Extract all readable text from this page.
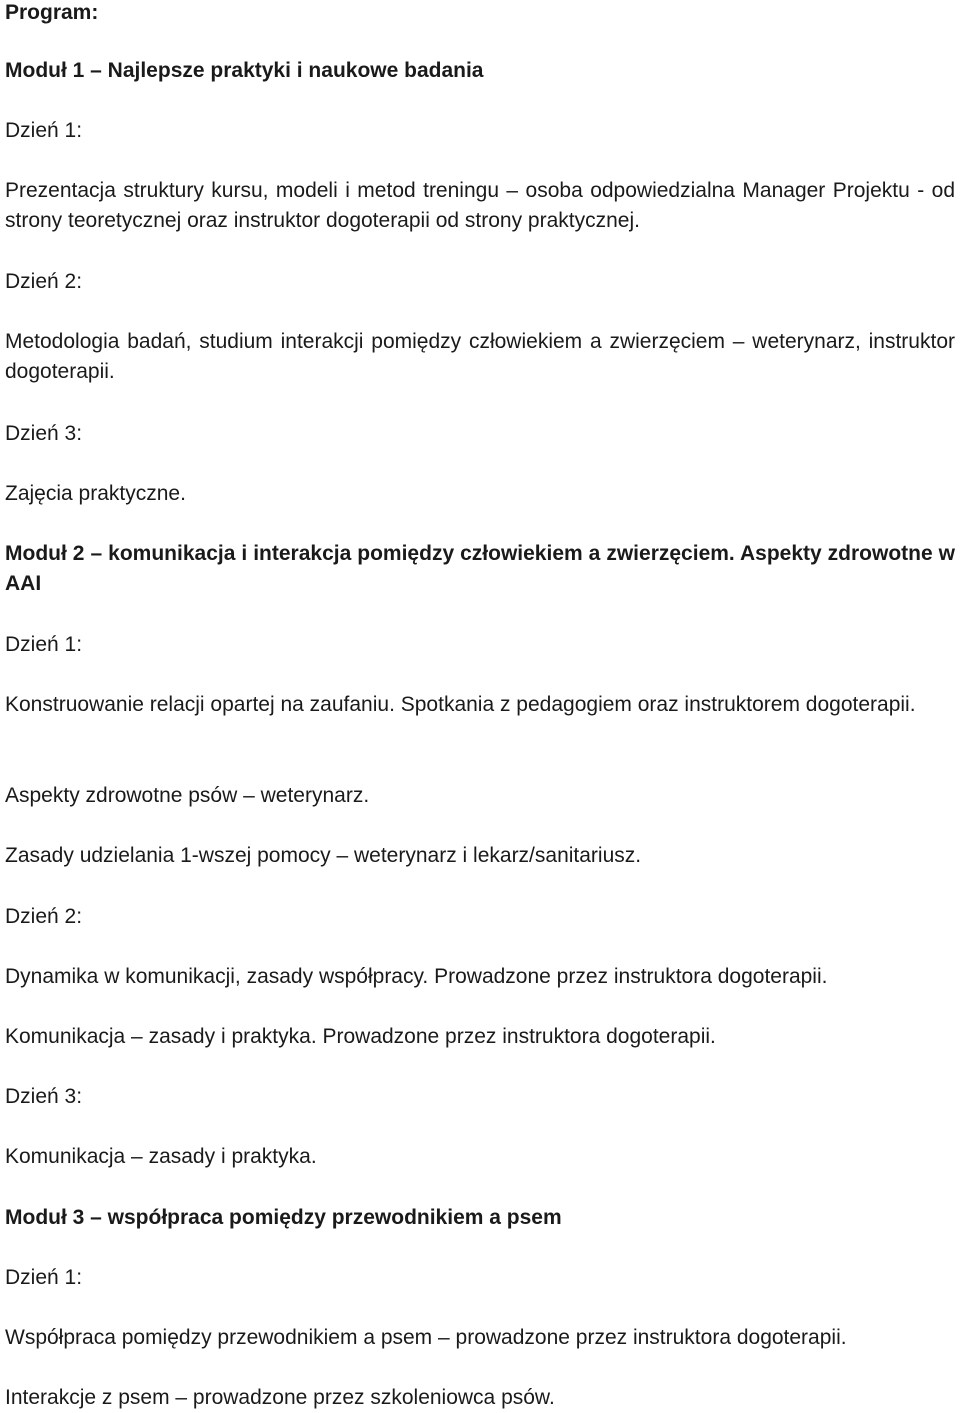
Program:

Moduł 1 – Najlepsze praktyki i naukowe badania

Dzień 1:

Prezentacja struktury kursu, modeli i metod treningu – osoba odpowiedzialna Manager Projektu - od strony teoretycznej oraz instruktor dogoterapii od strony praktycznej.

Dzień 2:

Metodologia badań, studium interakcji pomiędzy człowiekiem a zwierzęciem – weterynarz, instruktor dogoterapii.

Dzień 3:

Zajęcia praktyczne.

Moduł 2 – komunikacja i interakcja pomiędzy człowiekiem a zwierzęciem. Aspekty zdrowotne w AAI

Dzień 1:

Konstruowanie relacji opartej na zaufaniu. Spotkania z pedagogiem oraz instruktorem dogoterapii.

Aspekty zdrowotne psów – weterynarz.

Zasady udzielania 1-wszej pomocy – weterynarz i lekarz/sanitariusz.

Dzień 2:

Dynamika w komunikacji, zasady współpracy. Prowadzone przez instruktora dogoterapii.

Komunikacja – zasady i praktyka. Prowadzone przez instruktora dogoterapii.

Dzień 3:

Komunikacja – zasady i praktyka.

Moduł 3 – współpraca pomiędzy przewodnikiem a psem

Dzień 1:

Współpraca pomiędzy przewodnikiem a psem – prowadzone przez instruktora dogoterapii.

Interakcje z psem – prowadzone przez szkoleniowca psów.
